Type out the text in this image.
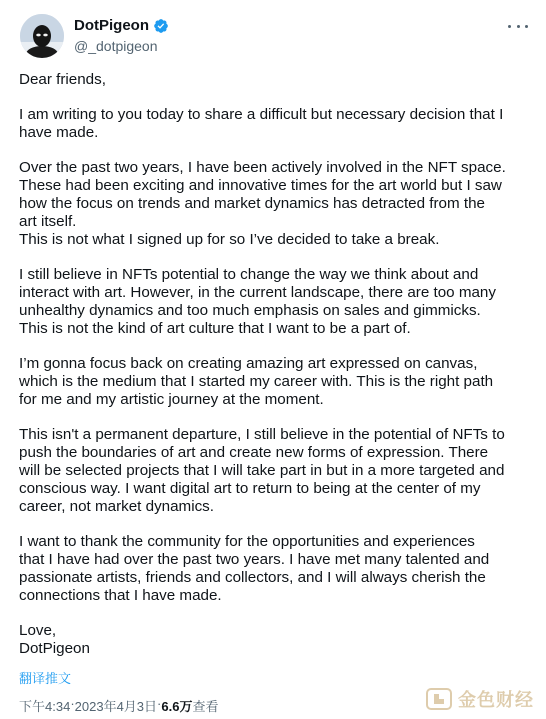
DotPigeon
@_dotpigeon

Dear friends,

I am writing to you today to share a difficult but necessary decision that I
have made.

Over the past two years, I have been actively involved in the NFT space.
These had been exciting and innovative times for the art world but I saw
how the focus on trends and market dynamics has detracted from the
art itself.
This is not what I signed up for so I’ve decided to take a break.

I still believe in NFTs potential to change the way we think about and
interact with art. However, in the current landscape, there are too many
unhealthy dynamics and too much emphasis on sales and gimmicks.
This is not the kind of art culture that I want to be a part of.

I’m gonna focus back on creating amazing art expressed on canvas,
which is the medium that I started my career with. This is the right path
for me and my artistic journey at the moment.

This isn't a permanent departure, I still believe in the potential of NFTs to
push the boundaries of art and create new forms of expression. There
will be selected projects that I will take part in but in a more targeted and
conscious way. I want digital art to return to being at the center of my
career, not market dynamics.

I want to thank the community for the opportunities and experiences
that I have had over the past two years. I have met many talented and
passionate artists, friends and collectors, and I will always cherish the
connections that I have made.

Love,
DotPigeon

翻译推文
下午4:34 · 2023年4月3日 · 6.6万 查看	金色财经
